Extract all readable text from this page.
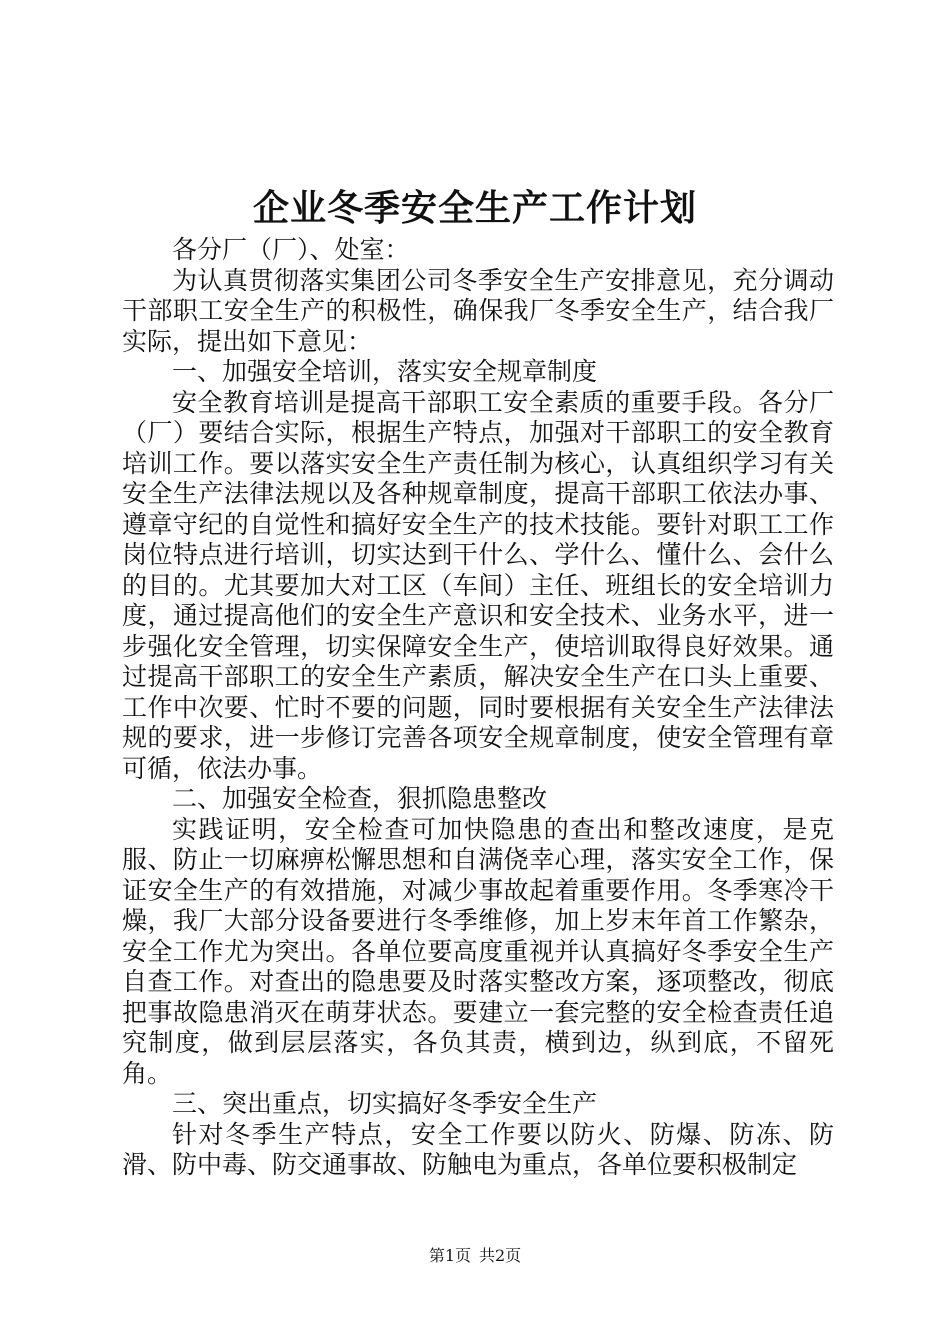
企业冬季安全生产工作计划

各分厂（厂）、处室：

为认真贯彻落实集团公司冬季安全生产安排意见，充分调动干部职工安全生产的积极性，确保我厂冬季安全生产，结合我厂实际，提出如下意见：

一、加强安全培训，落实安全规章制度

安全教育培训是提高干部职工安全素质的重要手段。各分厂（厂）要结合实际，根据生产特点，加强对干部职工的安全教育培训工作。要以落实安全生产责任制为核心，认真组织学习有关安全生产法律法规以及各种规章制度，提高干部职工依法办事、遵章守纪的自觉性和搞好安全生产的技术技能。要针对职工工作岗位特点进行培训，切实达到干什么、学什么、懂什么、会什么的目的。尤其要加大对工区（车间）主任、班组长的安全培训力度，通过提高他们的安全生产意识和安全技术、业务水平，进一步强化安全管理，切实保障安全生产，使培训取得良好效果。通过提高干部职工的安全生产素质，解决安全生产在口头上重要、工作中次要、忙时不要的问题，同时要根据有关安全生产法律法规的要求，进一步修订完善各项安全规章制度，使安全管理有章可循，依法办事。

二、加强安全检查，狠抓隐患整改

实践证明，安全检查可加快隐患的查出和整改速度，是克服、防止一切麻痹松懈思想和自满侥幸心理，落实安全工作，保证安全生产的有效措施，对减少事故起着重要作用。冬季寒冷干燥，我厂大部分设备要进行冬季维修，加上岁末年首工作繁杂，安全工作尤为突出。各单位要高度重视并认真搞好冬季安全生产自查工作。对查出的隐患要及时落实整改方案，逐项整改，彻底把事故隐患消灭在萌芽状态。要建立一套完整的安全检查责任追究制度，做到层层落实，各负其责，横到边，纵到底，不留死角。

三、突出重点，切实搞好冬季安全生产

针对冬季生产特点，安全工作要以防火、防爆、防冻、防滑、防中毒、防交通事故、防触电为重点，各单位要积极制定

第1页 共2页
